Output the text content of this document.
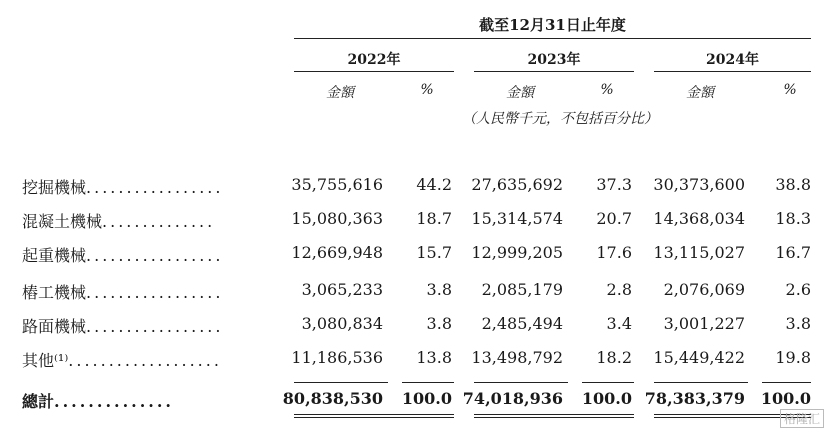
截至12月31日止年度
2022年	2023年	2024年
金額	%	金額	%	金額	%
（人民幣千元，不包括百分比）
挖掘機械.................	35,755,616	44.2	27,635,692	37.3	30,373,600	38.8
混凝土機械..............	15,080,363	18.7	15,314,574	20.7	14,368,034	18.3
起重機械.................	12,669,948	15.7	12,999,205	17.6	13,115,027	16.7
樁工機械.................	3,065,233	3.8	2,085,179	2.8	2,076,069	2.6
路面機械.................	3,080,834	3.8	2,485,494	3.4	3,001,227	3.8
其他⁽¹⁾...................	11,186,536	13.8	13,498,792	18.2	15,449,422	19.8
總計..............	80,838,530	100.0 74,018,936	100.0 78,383,379 100.0
格隆汇
